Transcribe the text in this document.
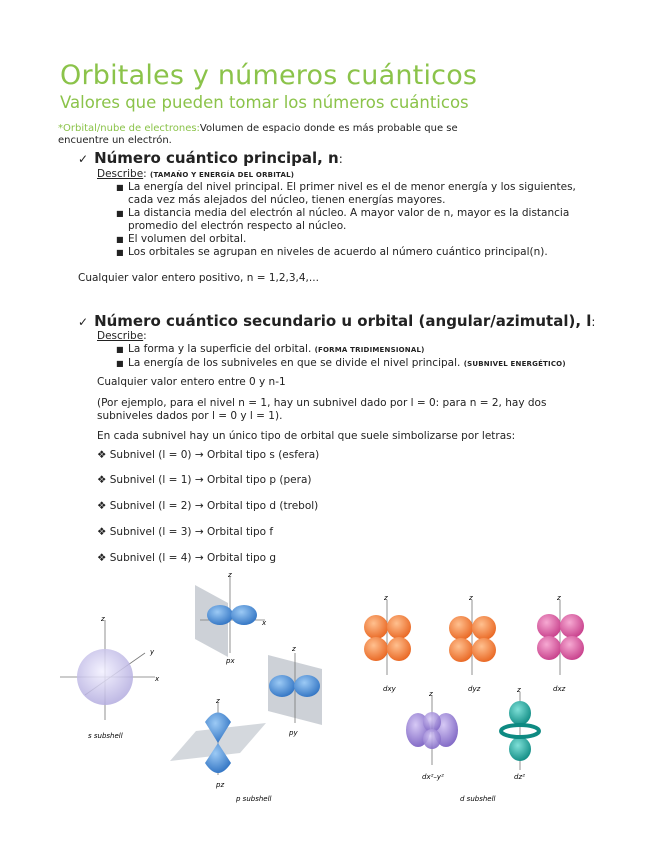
Orbitales y números cuánticos
Valores que pueden tomar los números cuánticos
*Orbital/nube de electrones:Volumen de espacio donde es más probable que se encuentre un electrón.
✓ Número cuántico principal, n:
Describe: (TAMAÑO Y ENERGÍA DEL ORBITAL)
■ La energía del nivel principal. El primer nivel es el de menor energía y los siguientes, cada vez más alejados del núcleo, tienen energías mayores.
■ La distancia media del electrón al núcleo. A mayor valor de n, mayor es la distancia promedio del electrón respecto al núcleo.
■ El volumen del orbital.
■ Los orbitales se agrupan en niveles de acuerdo al número cuántico principal(n).
Cualquier valor entero positivo, n = 1,2,3,4,...
✓ Número cuántico secundario u orbital (angular/azimutal), l:
Describe:
■ La forma y la superficie del orbital. (FORMA TRIDIMENSIONAL)
■ La energía de los subniveles en que se divide el nivel principal. (SUBNIVEL ENERGÉTICO)
Cualquier valor entero entre 0 y n-1
(Por ejemplo, para el nivel n = 1, hay un subnivel dado por l = 0: para n = 2, hay dos subniveles dados por l = 0 y l = 1).
En cada subnivel hay un único tipo de orbital que suele simbolizarse por letras:
❖ Subnivel (l = 0) → Orbital tipo s (esfera)
❖ Subnivel (l = 1) → Orbital tipo p (pera)
❖ Subnivel (l = 2) → Orbital tipo d (trebol)
❖ Subnivel (l = 3) → Orbital tipo f
❖ Subnivel (l = 4) → Orbital tipo g
z
y
x
s subshell
z
x
px
z
py
z
pz
p subshell
z
dxy
z
dyz
z
dxz
z
dx²–y²
z
dz²
d subshell
